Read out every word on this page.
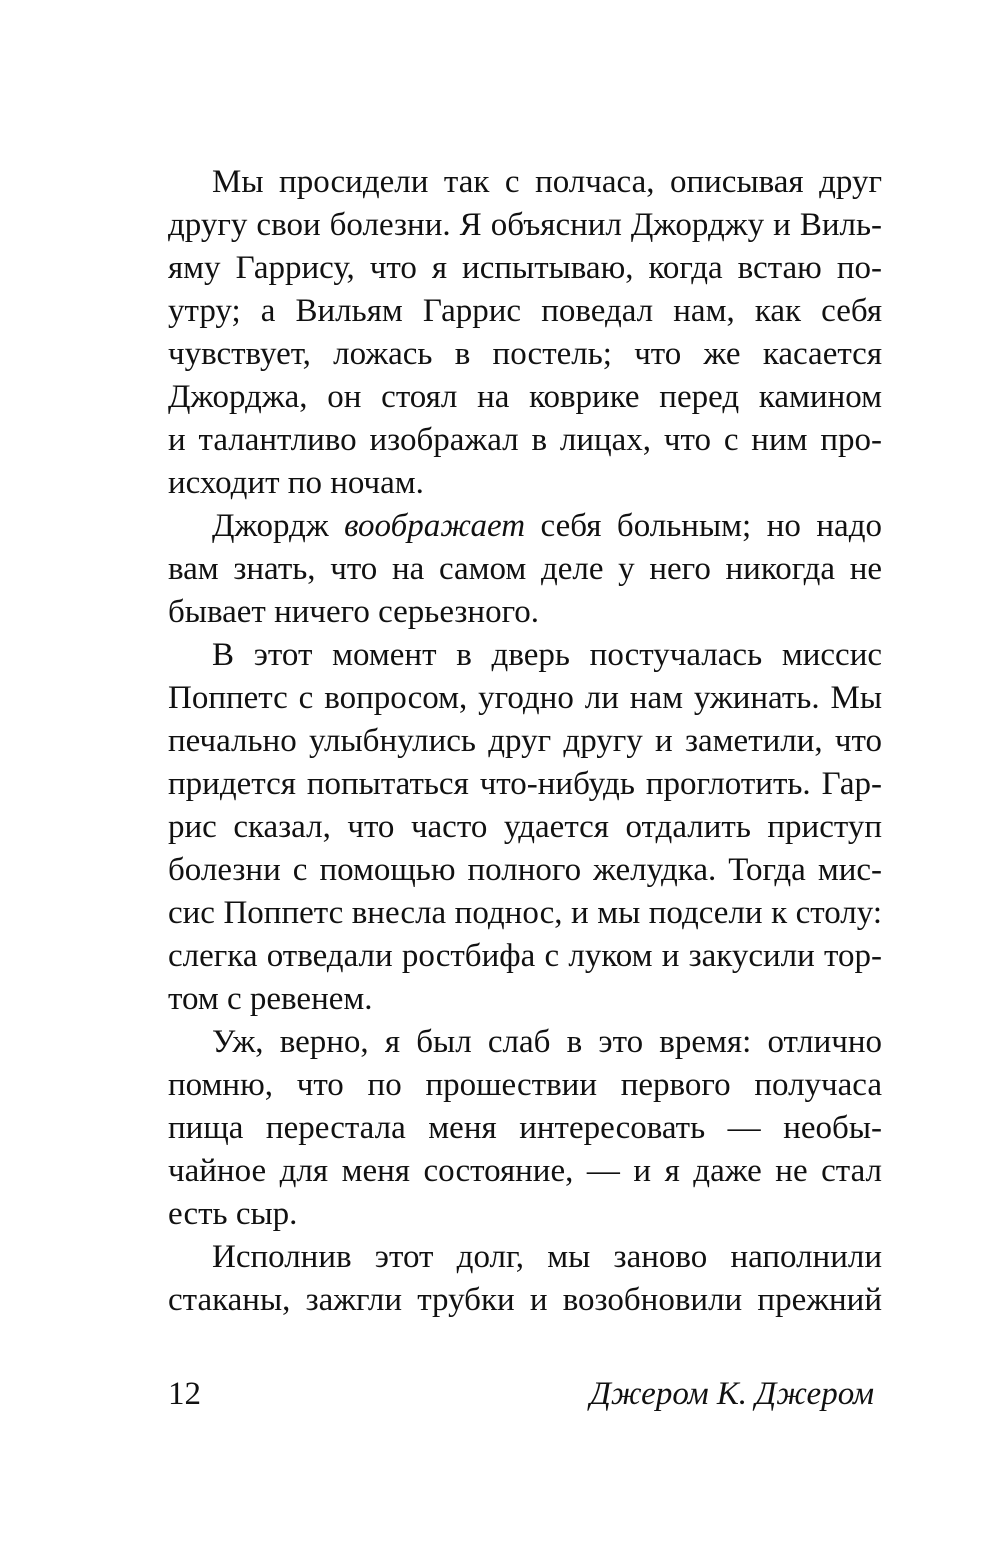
Мы просидели так с полчаса, описывая друг
другу свои болезни. Я объяснил Джорджу и Виль-
яму Гаррису, что я испытываю, когда встаю по-
утру; а Вильям Гаррис поведал нам, как себя
чувствует, ложась в постель; что же касается
Джорджа, он стоял на коврике перед камином
и талантливо изображал в лицах, что с ним про-
исходит по ночам.
Джордж воображает себя больным; но надо
вам знать, что на самом деле у него никогда не
бывает ничего серьезного.
В этот момент в дверь постучалась миссис
Поппетс с вопросом, угодно ли нам ужинать. Мы
печально улыбнулись друг другу и заметили, что
придется попытаться что-нибудь проглотить. Гар-
рис сказал, что часто удается отдалить приступ
болезни с помощью полного желудка. Тогда мис-
сис Поппетс внесла поднос, и мы подсели к столу:
слегка отведали ростбифа с луком и закусили тор-
том с ревенем.
Уж, верно, я был слаб в это время: отлично
помню, что по прошествии первого получаса
пища перестала меня интересовать — необы-
чайное для меня состояние, — и я даже не стал
есть сыр.
Исполнив этот долг, мы заново наполнили
стаканы, зажгли трубки и возобновили прежний
12	Джером К. Джером
